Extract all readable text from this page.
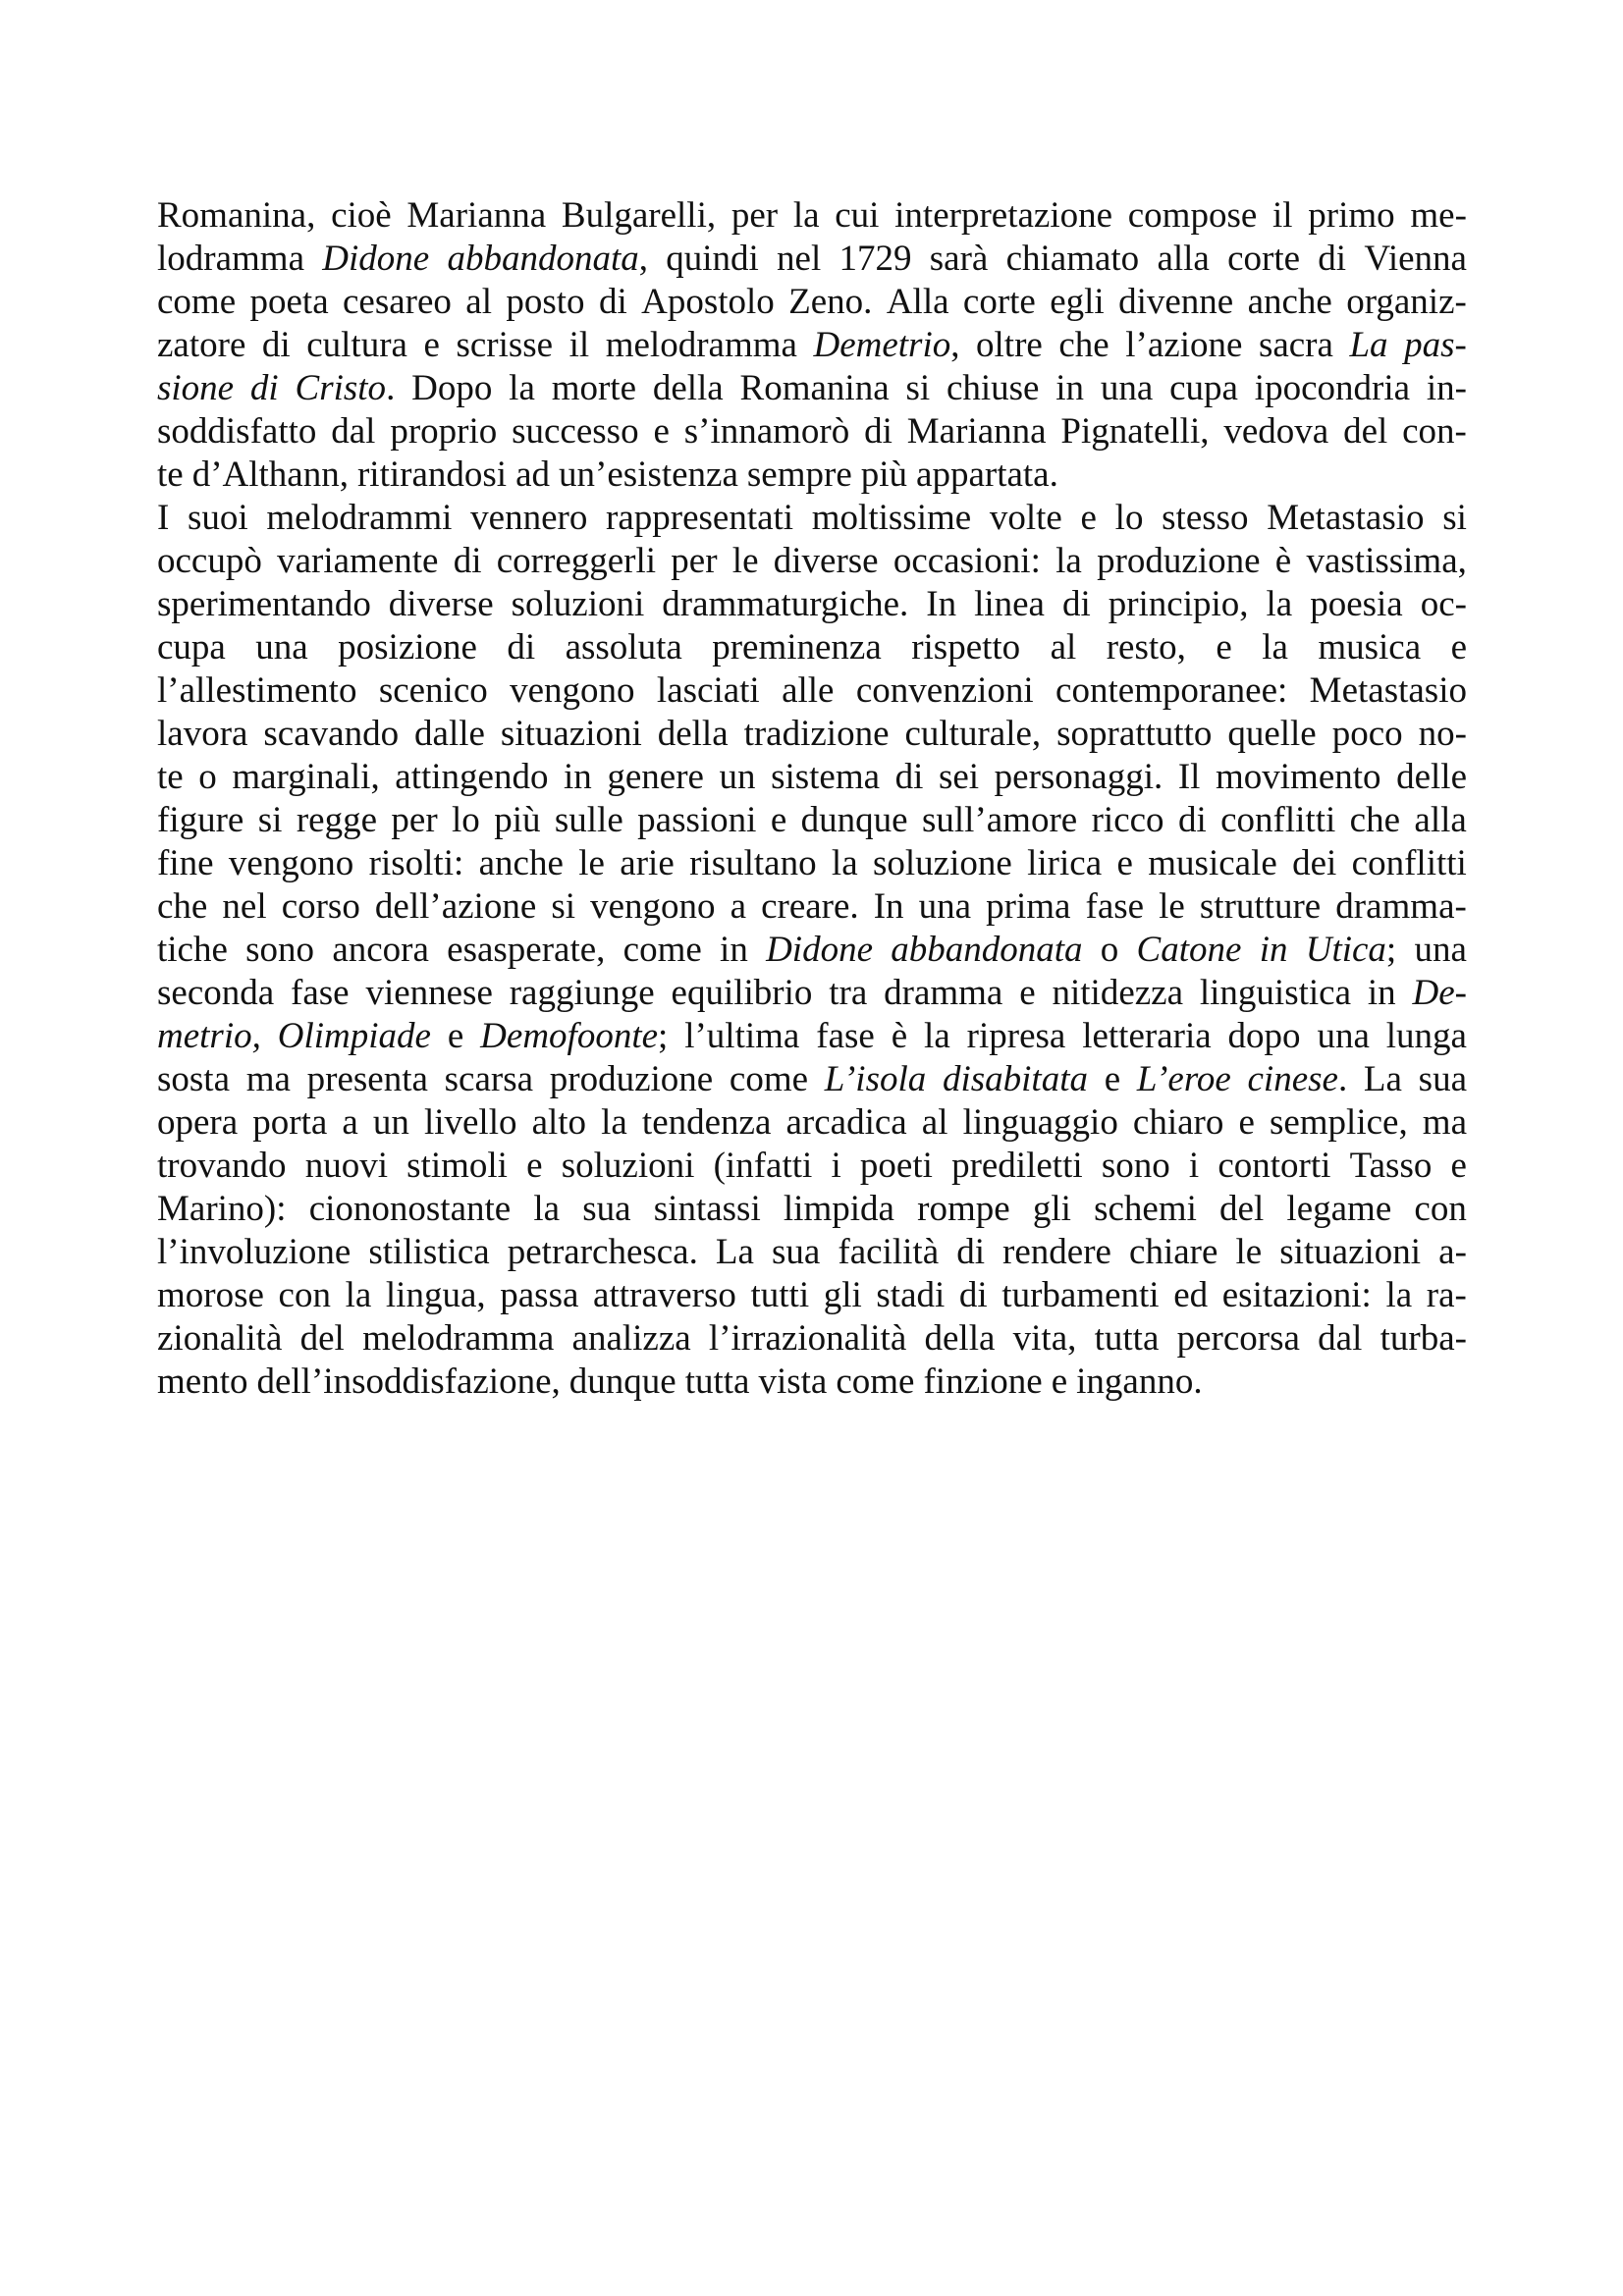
Romanina, cioè Marianna Bulgarelli, per la cui interpretazione compose il primo me-
lodramma Didone abbandonata, quindi nel 1729 sarà chiamato alla corte di Vienna
come poeta cesareo al posto di Apostolo Zeno. Alla corte egli divenne anche organiz-
zatore di cultura e scrisse il melodramma Demetrio, oltre che l’azione sacra La pas-
sione di Cristo. Dopo la morte della Romanina si chiuse in una cupa ipocondria in-
soddisfatto dal proprio successo e s’innamorò di Marianna Pignatelli, vedova del con-
te d’Althann, ritirandosi ad un’esistenza sempre più appartata.
I suoi melodrammi vennero rappresentati moltissime volte e lo stesso Metastasio si
occupò variamente di correggerli per le diverse occasioni: la produzione è vastissima,
sperimentando diverse soluzioni drammaturgiche. In linea di principio, la poesia oc-
cupa una posizione di assoluta preminenza rispetto al resto, e la musica e
l’allestimento scenico vengono lasciati alle convenzioni contemporanee: Metastasio
lavora scavando dalle situazioni della tradizione culturale, soprattutto quelle poco no-
te o marginali, attingendo in genere un sistema di sei personaggi. Il movimento delle
figure si regge per lo più sulle passioni e dunque sull’amore ricco di conflitti che alla
fine vengono risolti: anche le arie risultano la soluzione lirica e musicale dei conflitti
che nel corso dell’azione si vengono a creare. In una prima fase le strutture dramma-
tiche sono ancora esasperate, come in Didone abbandonata o Catone in Utica; una
seconda fase viennese raggiunge equilibrio tra dramma e nitidezza linguistica in De-
metrio, Olimpiade e Demofoonte; l’ultima fase è la ripresa letteraria dopo una lunga
sosta ma presenta scarsa produzione come L’isola disabitata e L’eroe cinese. La sua
opera porta a un livello alto la tendenza arcadica al linguaggio chiaro e semplice, ma
trovando nuovi stimoli e soluzioni (infatti i poeti prediletti sono i contorti Tasso e
Marino): ciononostante la sua sintassi limpida rompe gli schemi del legame con
l’involuzione stilistica petrarchesca. La sua facilità di rendere chiare le situazioni a-
morose con la lingua, passa attraverso tutti gli stadi di turbamenti ed esitazioni: la ra-
zionalità del melodramma analizza l’irrazionalità della vita, tutta percorsa dal turba-
mento dell’insoddisfazione, dunque tutta vista come finzione e inganno.
